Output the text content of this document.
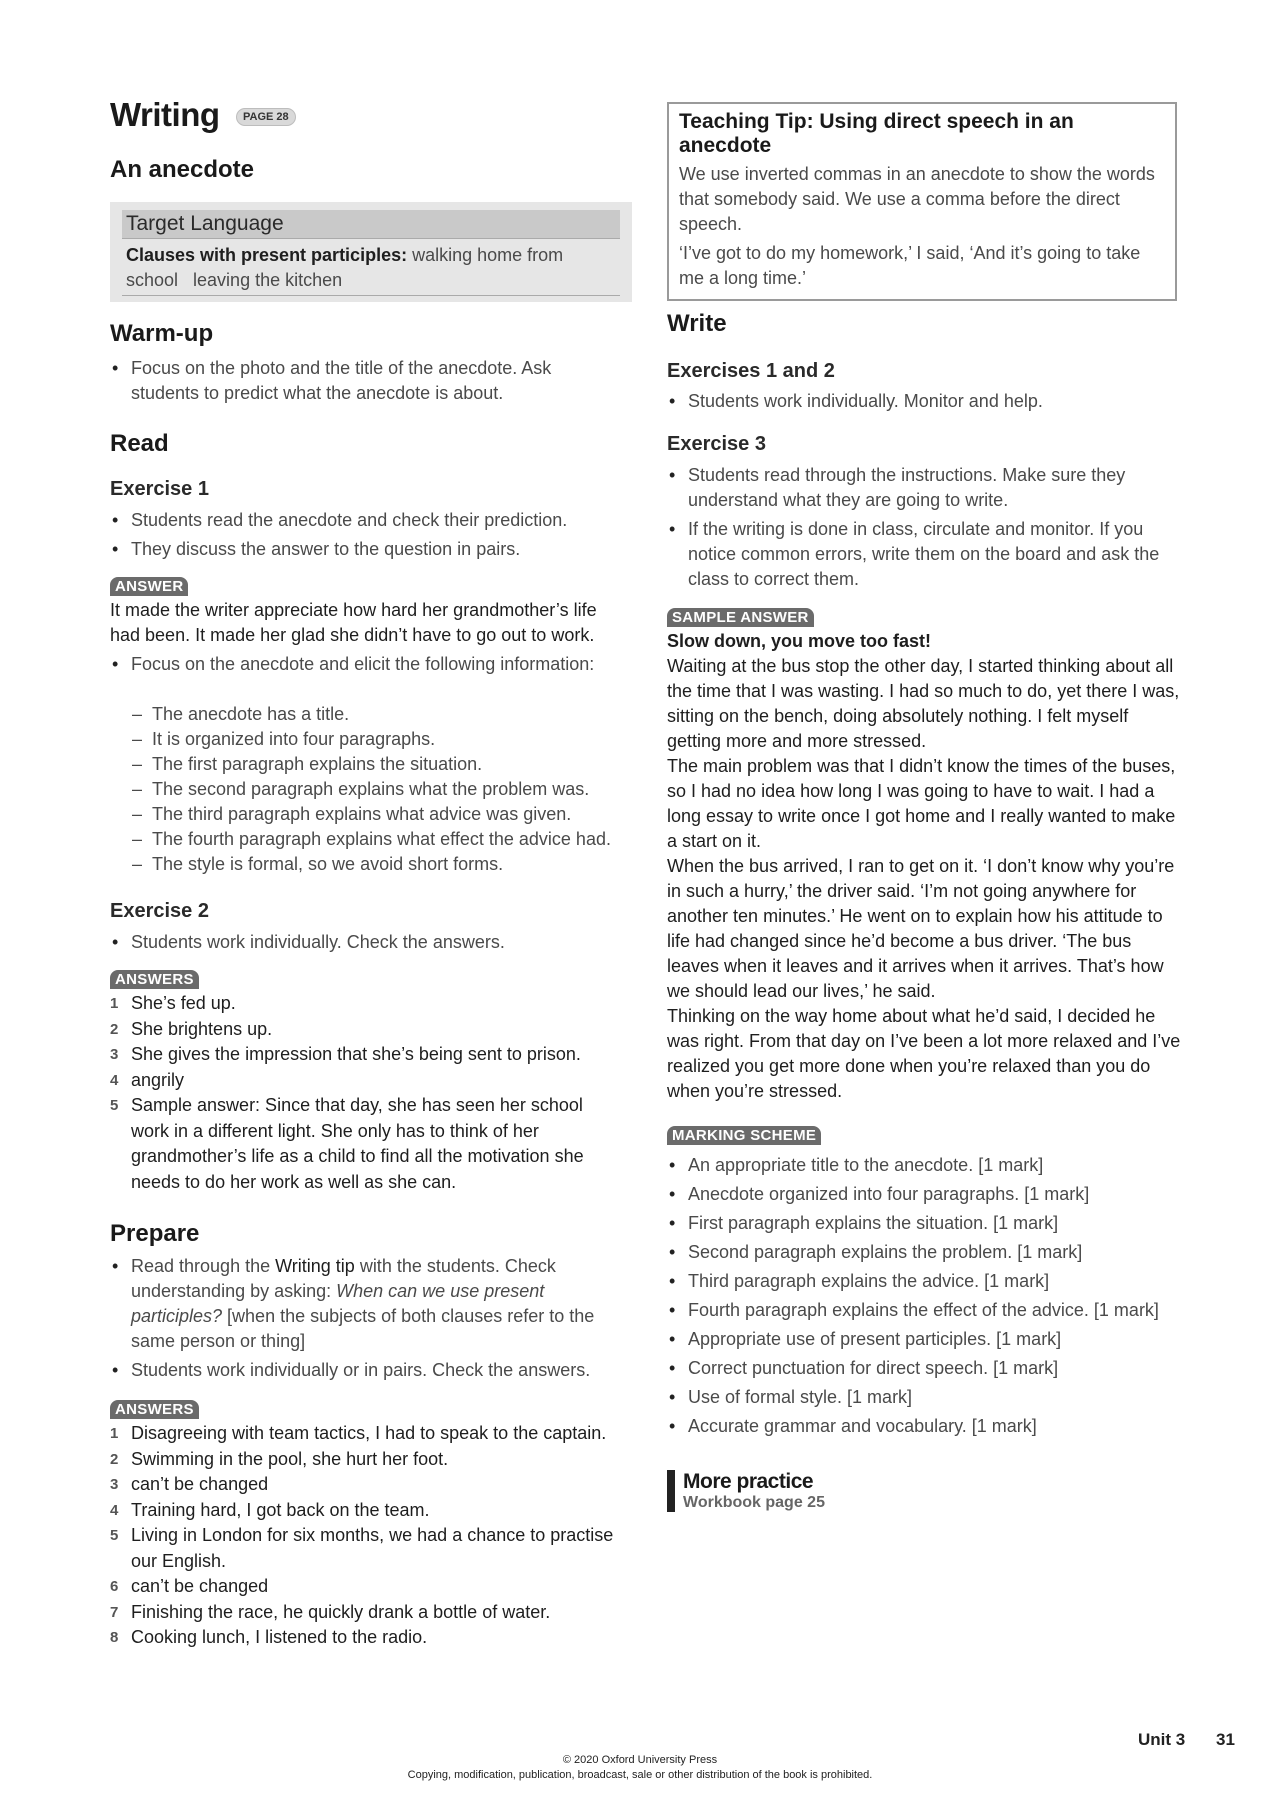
Writing PAGE 28
An anecdote
Target Language
Clauses with present participles: walking home from school   leaving the kitchen
Warm-up
• Focus on the photo and the title of the anecdote. Ask students to predict what the anecdote is about.
Read
Exercise 1
• Students read the anecdote and check their prediction.
• They discuss the answer to the question in pairs.
ANSWER
It made the writer appreciate how hard her grandmother’s life had been. It made her glad she didn’t have to go out to work.
• Focus on the anecdote and elicit the following information:
– The anecdote has a title.
– It is organized into four paragraphs.
– The first paragraph explains the situation.
– The second paragraph explains what the problem was.
– The third paragraph explains what advice was given.
– The fourth paragraph explains what effect the advice had.
– The style is formal, so we avoid short forms.
Exercise 2
• Students work individually. Check the answers.
ANSWERS
1 She’s fed up.
2 She brightens up.
3 She gives the impression that she’s being sent to prison.
4 angrily
5 Sample answer: Since that day, she has seen her school work in a different light. She only has to think of her grandmother’s life as a child to find all the motivation she needs to do her work as well as she can.
Prepare
• Read through the Writing tip with the students. Check understanding by asking: When can we use present participles? [when the subjects of both clauses refer to the same person or thing]
• Students work individually or in pairs. Check the answers.
ANSWERS
1 Disagreeing with team tactics, I had to speak to the captain.
2 Swimming in the pool, she hurt her foot.
3 can’t be changed
4 Training hard, I got back on the team.
5 Living in London for six months, we had a chance to practise our English.
6 can’t be changed
7 Finishing the race, he quickly drank a bottle of water.
8 Cooking lunch, I listened to the radio.
Teaching Tip: Using direct speech in an anecdote
We use inverted commas in an anecdote to show the words that somebody said. We use a comma before the direct speech.
‘I’ve got to do my homework,’ I said, ‘And it’s going to take me a long time.’
Write
Exercises 1 and 2
• Students work individually. Monitor and help.
Exercise 3
• Students read through the instructions. Make sure they understand what they are going to write.
• If the writing is done in class, circulate and monitor. If you notice common errors, write them on the board and ask the class to correct them.
SAMPLE ANSWER
Slow down, you move too fast!
Waiting at the bus stop the other day, I started thinking about all the time that I was wasting. I had so much to do, yet there I was, sitting on the bench, doing absolutely nothing. I felt myself getting more and more stressed.
The main problem was that I didn’t know the times of the buses, so I had no idea how long I was going to have to wait. I had a long essay to write once I got home and I really wanted to make a start on it.
When the bus arrived, I ran to get on it. ‘I don’t know why you’re in such a hurry,’ the driver said. ‘I’m not going anywhere for another ten minutes.’ He went on to explain how his attitude to life had changed since he’d become a bus driver. ‘The bus leaves when it leaves and it arrives when it arrives. That’s how we should lead our lives,’ he said.
Thinking on the way home about what he’d said, I decided he was right. From that day on I’ve been a lot more relaxed and I’ve realized you get more done when you’re relaxed than you do when you’re stressed.
MARKING SCHEME
• An appropriate title to the anecdote. [1 mark]
• Anecdote organized into four paragraphs. [1 mark]
• First paragraph explains the situation. [1 mark]
• Second paragraph explains the problem. [1 mark]
• Third paragraph explains the advice. [1 mark]
• Fourth paragraph explains the effect of the advice. [1 mark]
• Appropriate use of present participles. [1 mark]
• Correct punctuation for direct speech. [1 mark]
• Use of formal style. [1 mark]
• Accurate grammar and vocabulary. [1 mark]
More practice
Workbook page 25
Unit 3 31
© 2020 Oxford University Press
Copying, modification, publication, broadcast, sale or other distribution of the book is prohibited.
